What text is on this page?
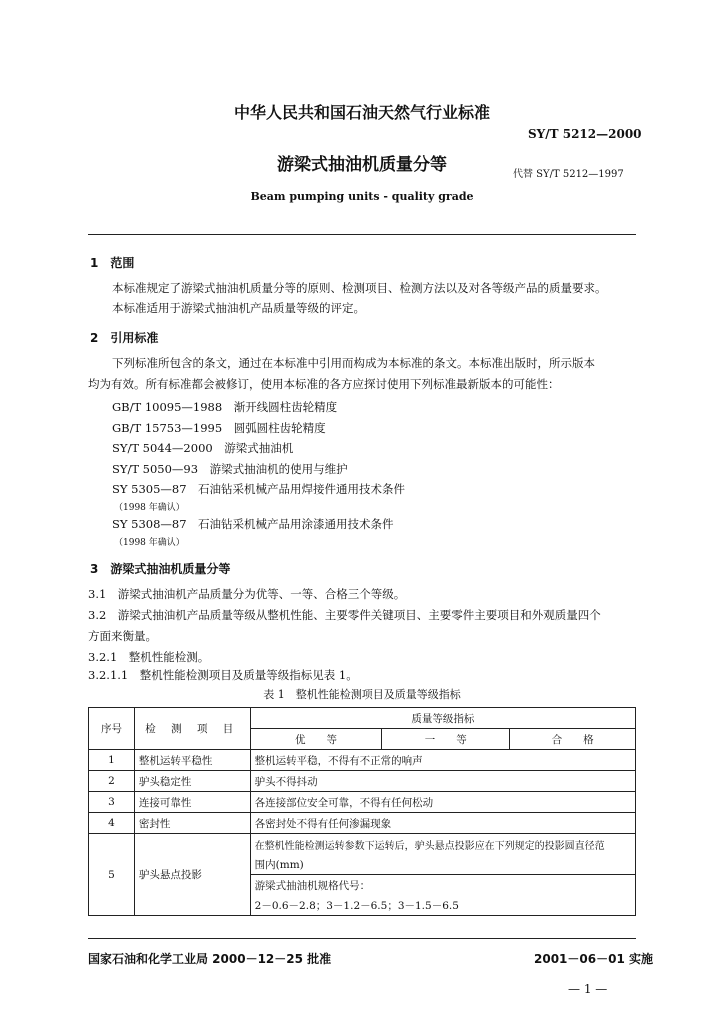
中华人民共和国石油天然气行业标准
SY/T 5212—2000
游梁式抽油机质量分等	代替 SY/T 5212—1997
Beam pumping units - quality grade
1　范围
本标准规定了游梁式抽油机质量分等的原则、检测项目、检测方法以及对各等级产品的质量要求。
本标准适用于游梁式抽油机产品质量等级的评定。
2　引用标准
下列标准所包含的条文，通过在本标准中引用而构成为本标准的条文。本标准出版时，所示版本
均为有效。所有标准都会被修订，使用本标准的各方应探讨使用下列标准最新版本的可能性：
GB/T 10095—1988　渐开线圆柱齿轮精度
GB/T 15753—1995　圆弧圆柱齿轮精度
SY/T 5044—2000　游梁式抽油机
SY/T 5050—93　游梁式抽油机的使用与维护
SY 5305—87　石油钻采机械产品用焊接件通用技术条件
（1998 年确认）
SY 5308—87　石油钻采机械产品用涂漆通用技术条件
（1998 年确认）
3　游梁式抽油机质量分等
3.1　游梁式抽油机产品质量分为优等、一等、合格三个等级。
3.2　游梁式抽油机产品质量等级从整机性能、主要零件关键项目、主要零件主要项目和外观质量四个
方面来衡量。
3.2.1　整机性能检测。
3.2.1.1　整机性能检测项目及质量等级指标见表 1。
表 1　整机性能检测项目及质量等级指标
序号	检 测 项 目	质量等级指标		
		优　　等	一　　等	合　　格
1	整机运转平稳性	整机运转平稳，不得有不正常的响声		
2	驴头稳定性	驴头不得抖动		
3	连接可靠性	各连接部位安全可靠，不得有任何松动		
4	密封性	各密封处不得有任何渗漏现象		
5	驴头悬点投影	在整机性能检测运转参数下运转后，驴头悬点投影应在下列规定的投影圆直径范		
		围内(mm)		
		游梁式抽油机规格代号：		
		2－0.6－2.8；3－1.2－6.5；3－1.5－6.5		
国家石油和化学工业局 2000－12－25 批准	2001－06－01 实施
— 1 —
